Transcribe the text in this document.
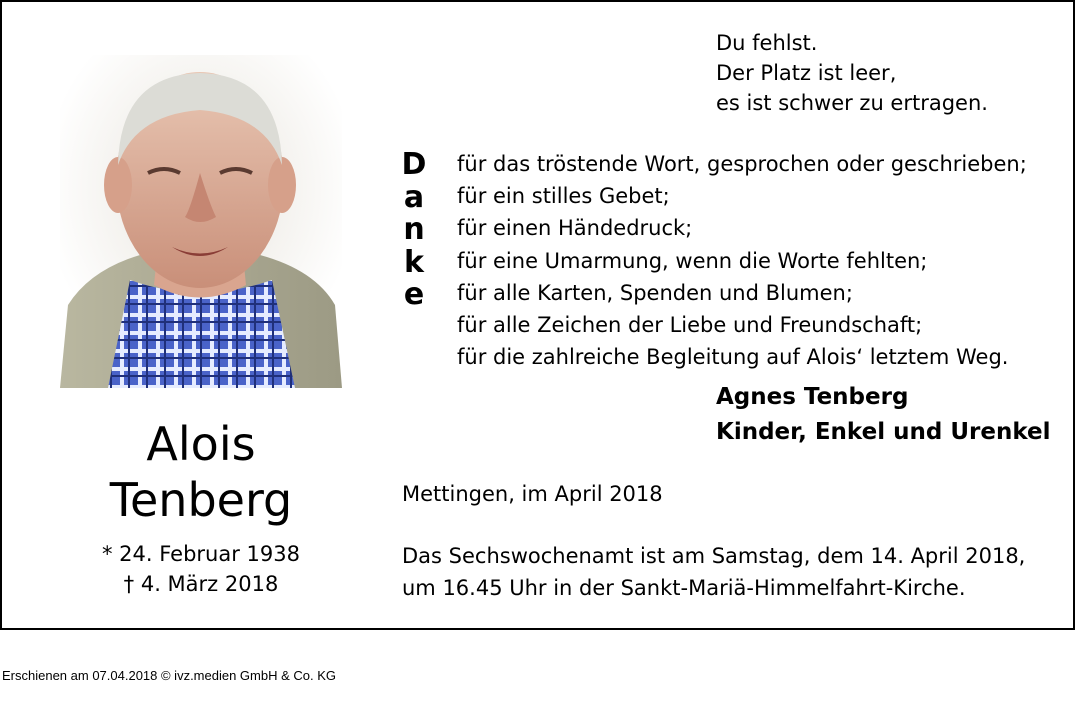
Alois
Tenberg
* 24. Februar 1938
† 4. März 2018
Du fehlst.
Der Platz ist leer,
es ist schwer zu ertragen.
D
a
n
k
e
für das tröstende Wort, gesprochen oder geschrieben;
für ein stilles Gebet;
für einen Händedruck;
für eine Umarmung, wenn die Worte fehlten;
für alle Karten, Spenden und Blumen;
für alle Zeichen der Liebe und Freundschaft;
für die zahlreiche Begleitung auf Alois‘ letztem Weg.
Agnes Tenberg
Kinder, Enkel und Urenkel
Mettingen, im April 2018
Das Sechswochenamt ist am Samstag, dem 14. April 2018,
um 16.45 Uhr in der Sankt-Mariä-Himmelfahrt-Kirche.
Erschienen am 07.04.2018 © ivz.medien GmbH & Co. KG
